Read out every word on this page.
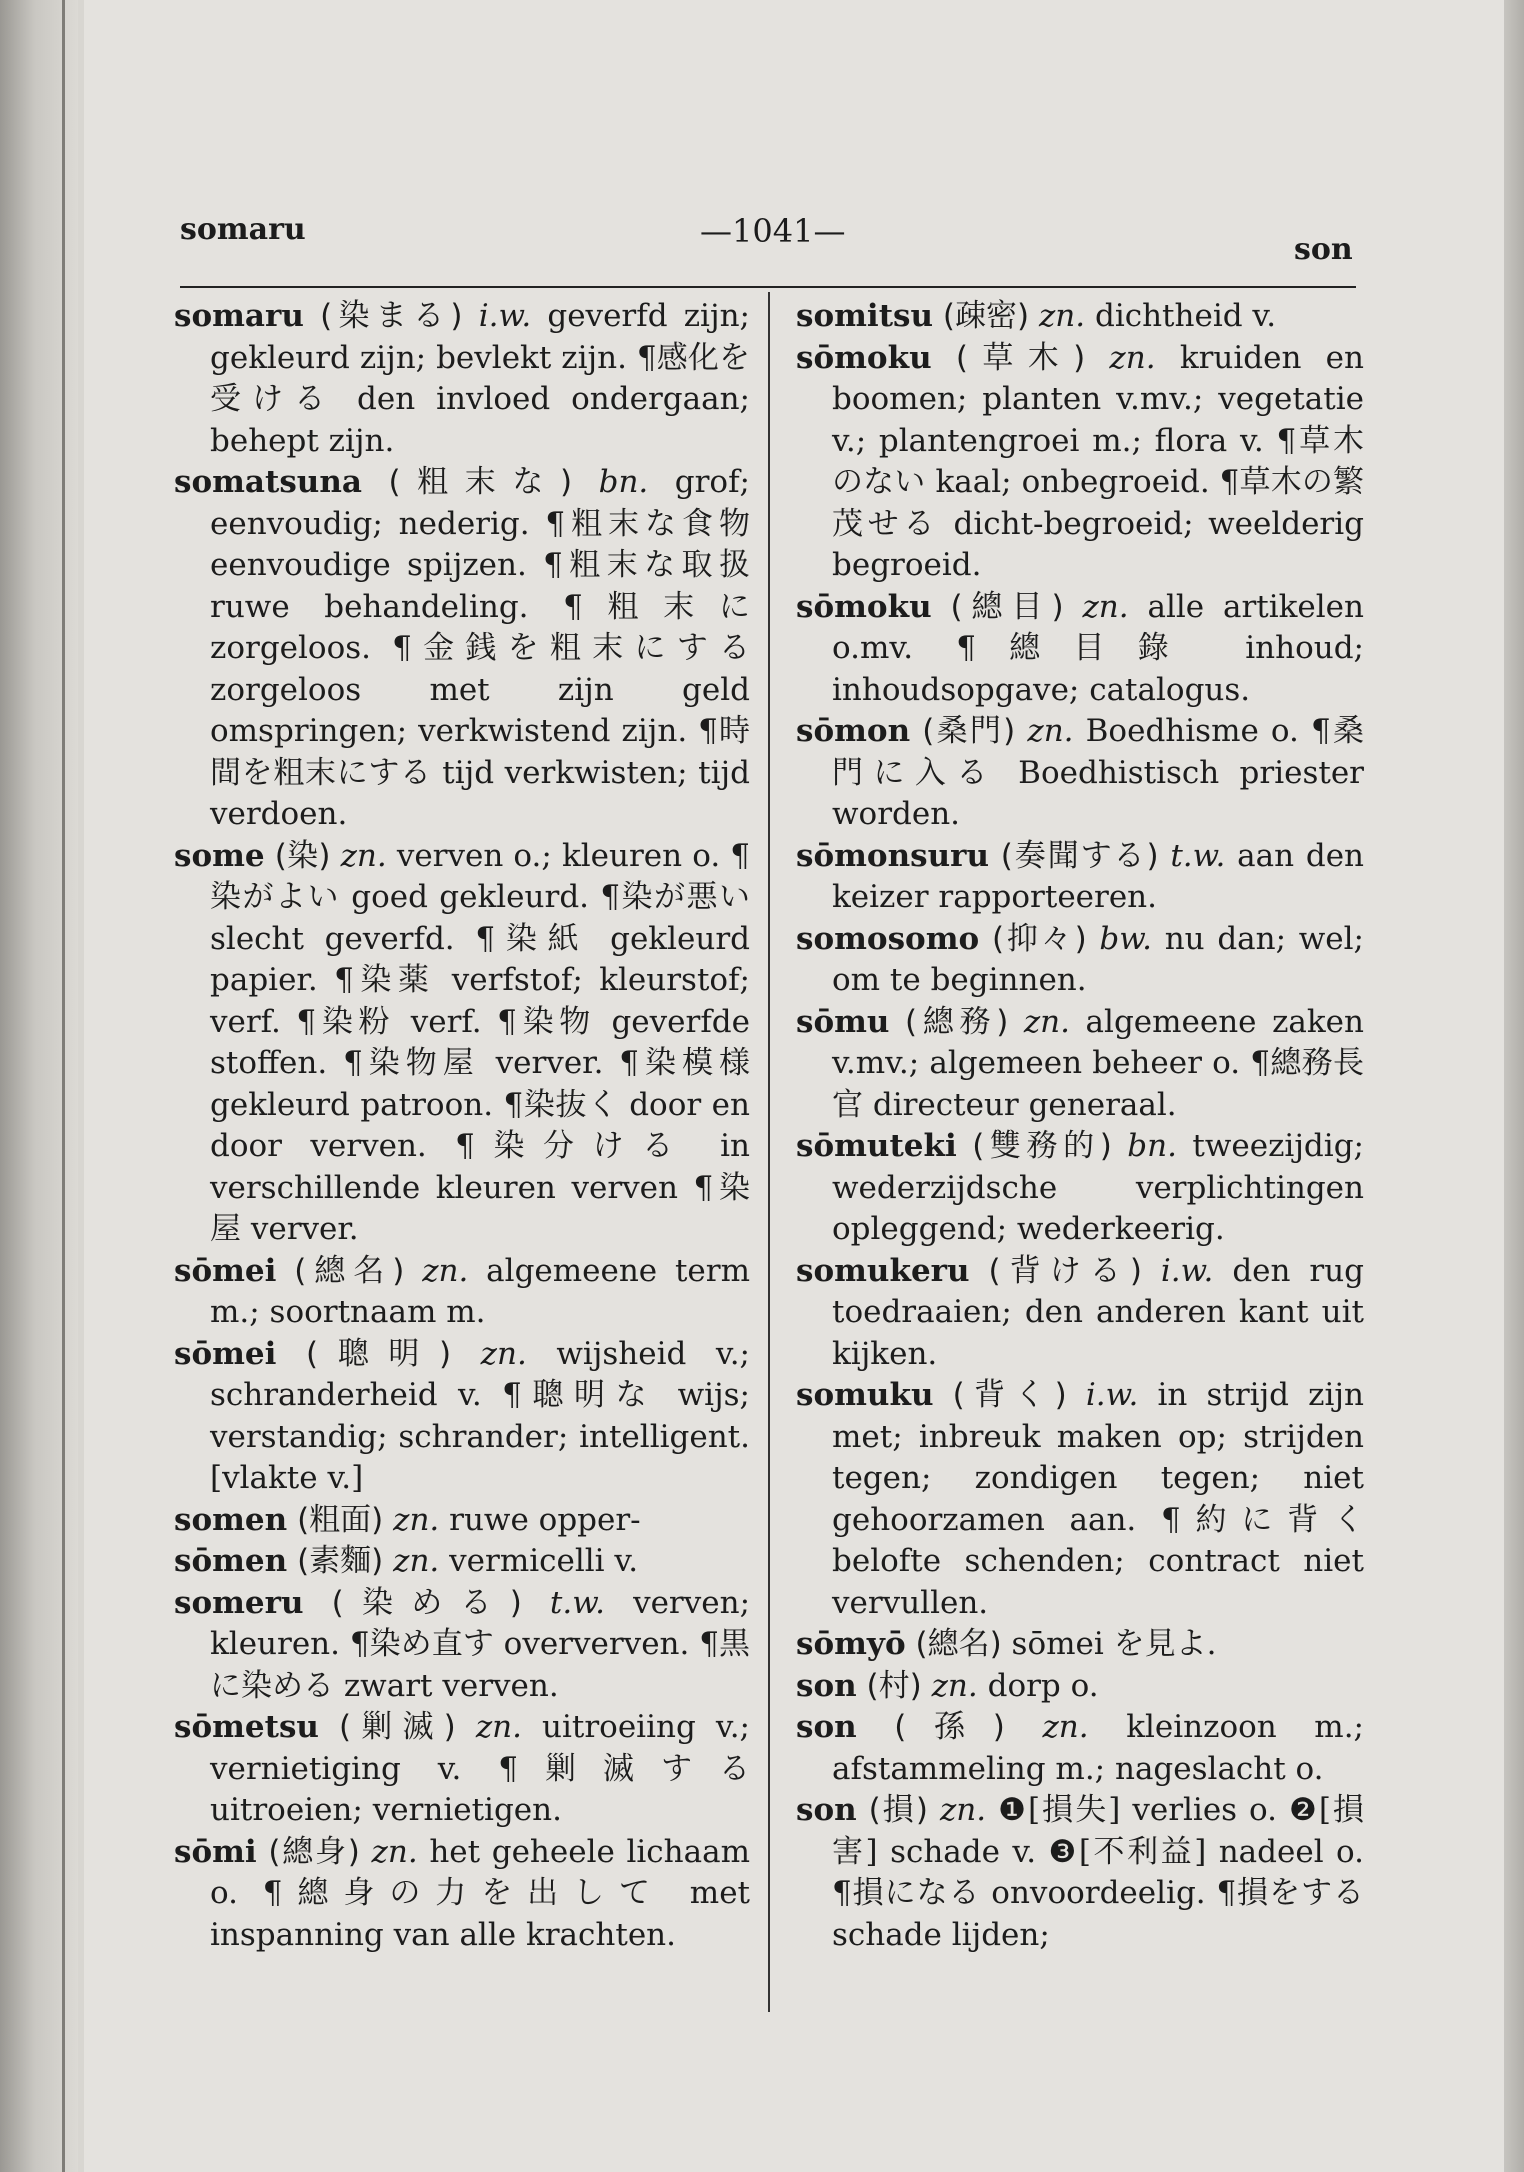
somaru	—1041—	son

somaru (染まる) i.w. geverfd zijn; gekleurd zijn; bevlekt zijn. ¶感化を受ける den invloed ondergaan; behept zijn.

somatsuna (粗末な) bn. grof; eenvoudig; nederig. ¶粗末な食物 eenvoudige spijzen. ¶粗末な取扱 ruwe behandeling. ¶粗末に zorgeloos. ¶金銭を粗末にする zorgeloos met zijn geld omspringen; verkwistend zijn. ¶時間を粗末にする tijd verkwisten; tijd verdoen.

some (染) zn. verven o.; kleuren o. ¶染がよい goed gekleurd. ¶染が悪い slecht geverfd. ¶染紙 gekleurd papier. ¶染薬 verfstof; kleurstof; verf. ¶染粉 verf. ¶染物 geverfde stoffen. ¶染物屋 verver. ¶染模様 gekleurd patroon. ¶染抜く door en door verven. ¶染分ける in verschillende kleuren verven ¶染屋 verver.

sōmei (總名) zn. algemeene term m.; soortnaam m.

sōmei (聰明) zn. wijsheid v.; schranderheid v. ¶聰明な wijs; verstandig; schrander; intelligent. [vlakte v.]

somen (粗面) zn. ruwe opper-

sōmen (素麵) zn. vermicelli v.

someru (染める) t.w. verven; kleuren. ¶染め直す oververven. ¶黒に染める zwart verven.

sōmetsu (剿滅) zn. uitroeiing v.; vernietiging v. ¶剿滅する uitroeien; vernietigen.

sōmi (總身) zn. het geheele lichaam o. ¶總身の力を出して met inspanning van alle krachten.

somitsu (疎密) zn. dichtheid v.

sōmoku (草木) zn. kruiden en boomen; planten v.mv.; vegetatie v.; plantengroei m.; flora v. ¶草木のない kaal; onbegroeid. ¶草木の繁茂せる dicht-begroeid; weelderig begroeid.

sōmoku (總目) zn. alle artikelen o.mv. ¶總目錄 inhoud; inhoudsopgave; catalogus.

sōmon (桑門) zn. Boedhisme o. ¶桑門に入る Boedhistisch priester worden.

sōmonsuru (奏聞する) t.w. aan den keizer rapporteeren.

somosomo (抑々) bw. nu dan; wel; om te beginnen.

sōmu (總務) zn. algemeene zaken v.mv.; algemeen beheer o. ¶總務長官 directeur generaal.

sōmuteki (雙務的) bn. tweezijdig; wederzijdsche verplichtingen opleggend; wederkeerig.

somukeru (背ける) i.w. den rug toedraaien; den anderen kant uit kijken.

somuku (背く) i.w. in strijd zijn met; inbreuk maken op; strijden tegen; zondigen tegen; niet gehoorzamen aan. ¶約に背く belofte schenden; contract niet vervullen.

sōmyō (總名) sōmei を見よ.

son (村) zn. dorp o.

son (孫) zn. kleinzoon m.; afstammeling m.; nageslacht o.

son (損) zn. ❶[損失] verlies o. ❷[損害] schade v. ❸[不利益] nadeel o. ¶損になる onvoordeelig. ¶損をする schade lijden;
